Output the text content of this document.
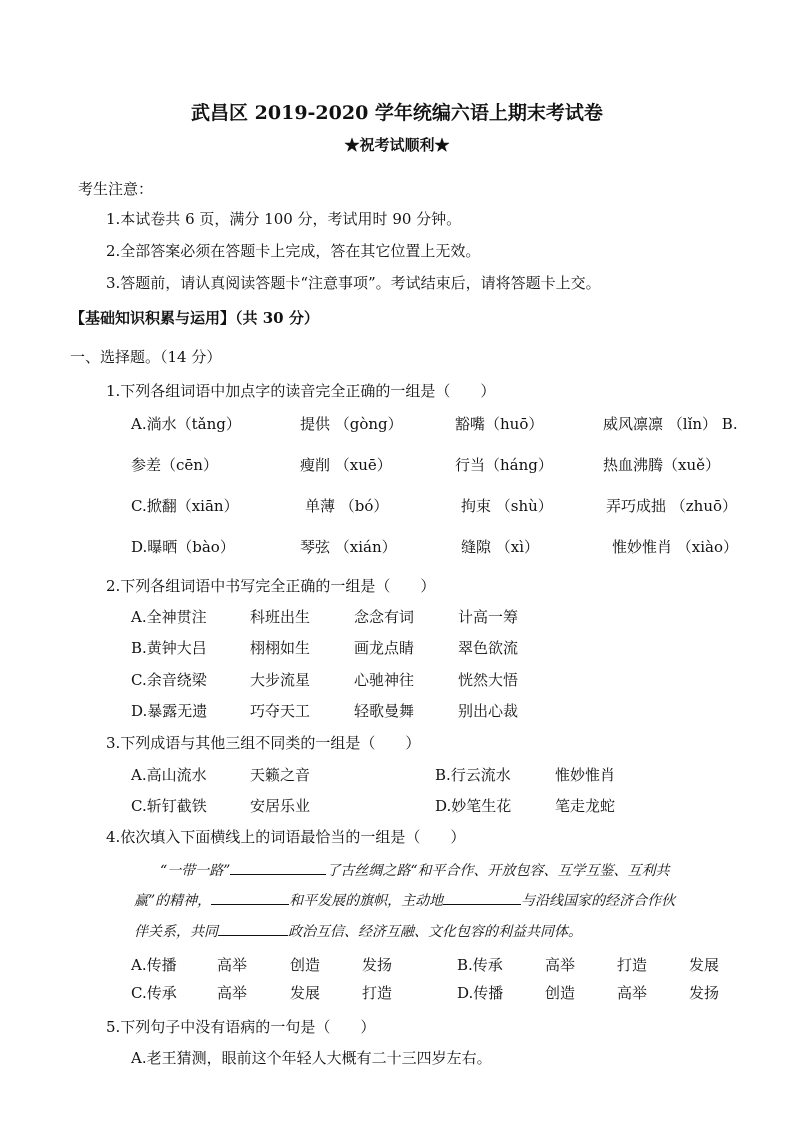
武昌区 2019-2020 学年统编六语上期末考试卷
★祝考试顺利★
考生注意：
1.本试卷共 6 页，满分 100 分，考试用时 90 分钟。
2.全部答案必须在答题卡上完成，答在其它位置上无效。
3.答题前，请认真阅读答题卡“注意事项”。考试结束后，请将答题卡上交。
【基础知识积累与运用】（共 30 分）
一、选择题。（14 分）
1.下列各组词语中加点字的读音完全正确的一组是（　　）
A.淌水（tǎng）	提供 （gòng）	豁嘴（huō）	威风凛凛 （lǐn） B.
参差（cēn）	瘦削 （xuē）	行当（háng）	热血沸腾（xuě）
C.掀翻（xiān）	单薄 （bó）	拘束 （shù）	弄巧成拙 （zhuō）
D.曝晒（bào）	琴弦 （xián）	缝隙 （xì）	惟妙惟肖 （xiào）
2.下列各组词语中书写完全正确的一组是（　　）
A.全神贯注	科班出生	念念有词	计高一筹
B.黄钟大吕	栩栩如生	画龙点睛	翠色欲流
C.余音绕梁	大步流星	心驰神往	恍然大悟
D.暴露无遗	巧夺天工	轻歌曼舞	别出心裁
3.下列成语与其他三组不同类的一组是（　　）
A.高山流水	天籁之音	B.行云流水	惟妙惟肖
C.斩钉截铁	安居乐业	D.妙笔生花	笔走龙蛇
4.依次填入下面横线上的词语最恰当的一组是（　　）
“一带一路”	了古丝绸之路“和平合作、开放包容、互学互鉴、互利共
赢”的精神，	和平发展的旗帜，主动地	与沿线国家的经济合作伙
伴关系，共同	政治互信、经济互融、文化包容的利益共同体。
A.传播	高举	创造	发扬	B.传承	高举	打造	发展
C.传承	高举	发展	打造	D.传播	创造	高举	发扬
5.下列句子中没有语病的一句是（　　）
A.老王猜测，眼前这个年轻人大概有二十三四岁左右。
